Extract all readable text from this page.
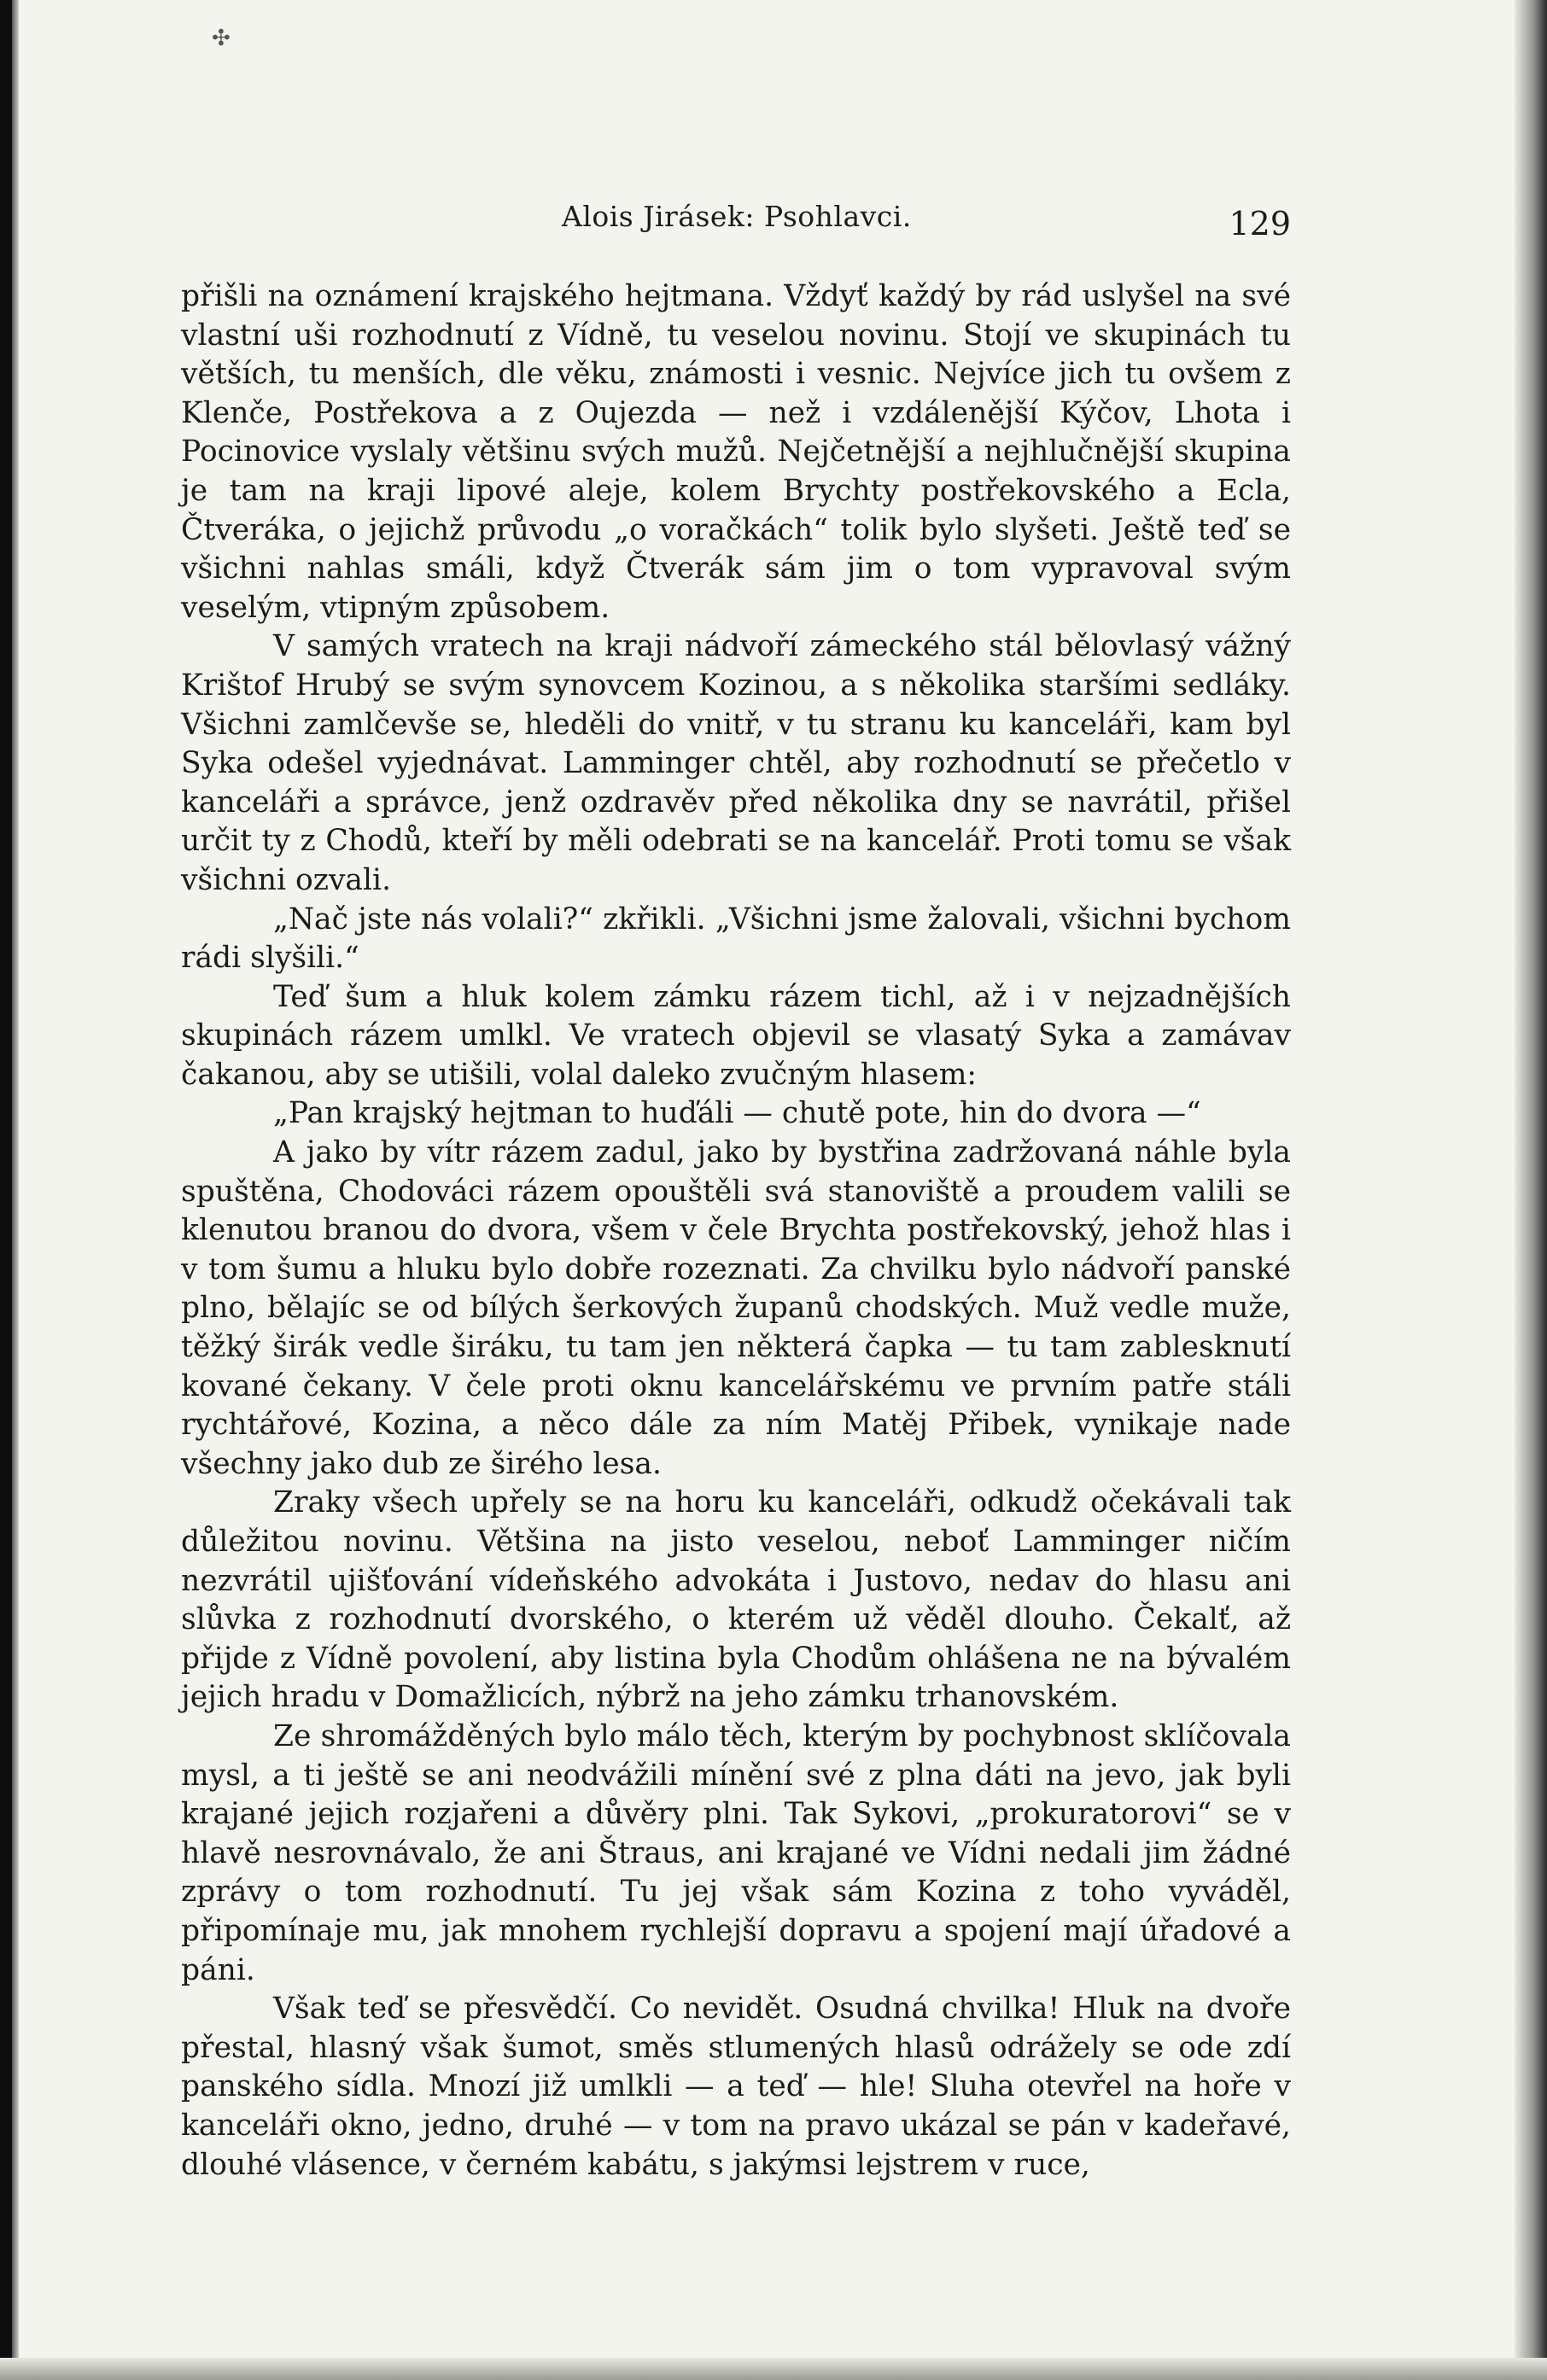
✣
Alois Jirásek: Psohlavci.	129

přišli na oznámení krajského hejtmana. Vždyť každý by rád uslyšel na své vlastní uši rozhodnutí z Vídně, tu veselou novinu. Stojí ve skupinách tu větších, tu menších, dle věku, známosti i vesnic. Nejvíce jich tu ovšem z Klenče, Postřekova a z Oujezda — než i vzdálenější Kýčov, Lhota i Pocinovice vyslaly většinu svých mužů. Nejčetnější a nejhlučnější skupina je tam na kraji lipové aleje, kolem Brychty postřekovského a Ecla, Čtveráka, o jejichž průvodu „o voračkách“ tolik bylo slyšeti. Ještě teď se všichni nahlas smáli, když Čtverák sám jim o tom vypravoval svým veselým, vtipným způsobem.

V samých vratech na kraji nádvoří zámeckého stál bělovlasý vážný Krištof Hrubý se svým synovcem Kozinou, a s několika staršími sedláky. Všichni zamlčevše se, hleděli do vnitř, v tu stranu ku kanceláři, kam byl Syka odešel vyjednávat. Lamminger chtěl, aby rozhodnutí se přečetlo v kanceláři a správce, jenž ozdravěv před několika dny se navrátil, přišel určit ty z Chodů, kteří by měli odebrati se na kancelář. Proti tomu se však všichni ozvali.

„Nač jste nás volali?“ zkřikli. „Všichni jsme žalovali, všichni bychom rádi slyšili.“

Teď šum a hluk kolem zámku rázem tichl, až i v nejzadnějších skupinách rázem umlkl. Ve vratech objevil se vlasatý Syka a zamávav čakanou, aby se utišili, volal daleko zvučným hlasem:

„Pan krajský hejtman to huďáli — chutě pote, hin do dvora —“

A jako by vítr rázem zadul, jako by bystřina zadržovaná náhle byla spuštěna, Chodováci rázem opouštěli svá stanoviště a proudem valili se klenutou branou do dvora, všem v čele Brychta postřekovský, jehož hlas i v tom šumu a hluku bylo dobře rozeznati. Za chvilku bylo nádvoří panské plno, bělajíc se od bílých šerkových županů chodských. Muž vedle muže, těžký širák vedle širáku, tu tam jen některá čapka — tu tam zablesknutí kované čekany. V čele proti oknu kancelářskému ve prvním patře stáli rychtářové, Kozina, a něco dále za ním Matěj Přibek, vynikaje nade všechny jako dub ze širého lesa.

Zraky všech upřely se na horu ku kanceláři, odkudž očekávali tak důležitou novinu. Většina na jisto veselou, neboť Lamminger ničím nezvrátil ujišťování vídeňského advokáta i Justovo, nedav do hlasu ani slůvka z rozhodnutí dvorského, o kterém už věděl dlouho. Čekalť, až přijde z Vídně povolení, aby listina byla Chodům ohlášena ne na bývalém jejich hradu v Domažlicích, nýbrž na jeho zámku trhanovském.

Ze shromážděných bylo málo těch, kterým by pochybnost sklíčovala mysl, a ti ještě se ani neodvážili mínění své z plna dáti na jevo, jak byli krajané jejich rozjařeni a důvěry plni. Tak Sykovi, „prokuratorovi“ se v hlavě nesrovnávalo, že ani Štraus, ani krajané ve Vídni nedali jim žádné zprávy o tom rozhodnutí. Tu jej však sám Kozina z toho vyváděl, připomínaje mu, jak mnohem rychlejší dopravu a spojení mají úřadové a páni.

Však teď se přesvědčí. Co nevidět. Osudná chvilka! Hluk na dvoře přestal, hlasný však šumot, směs stlumených hlasů odrážely se ode zdí panského sídla. Mnozí již umlkli — a teď — hle! Sluha otevřel na hoře v kanceláři okno, jedno, druhé — v tom na pravo ukázal se pán v kadeřavé, dlouhé vlásence, v černém kabátu, s jakýmsi lejstrem v ruce,
